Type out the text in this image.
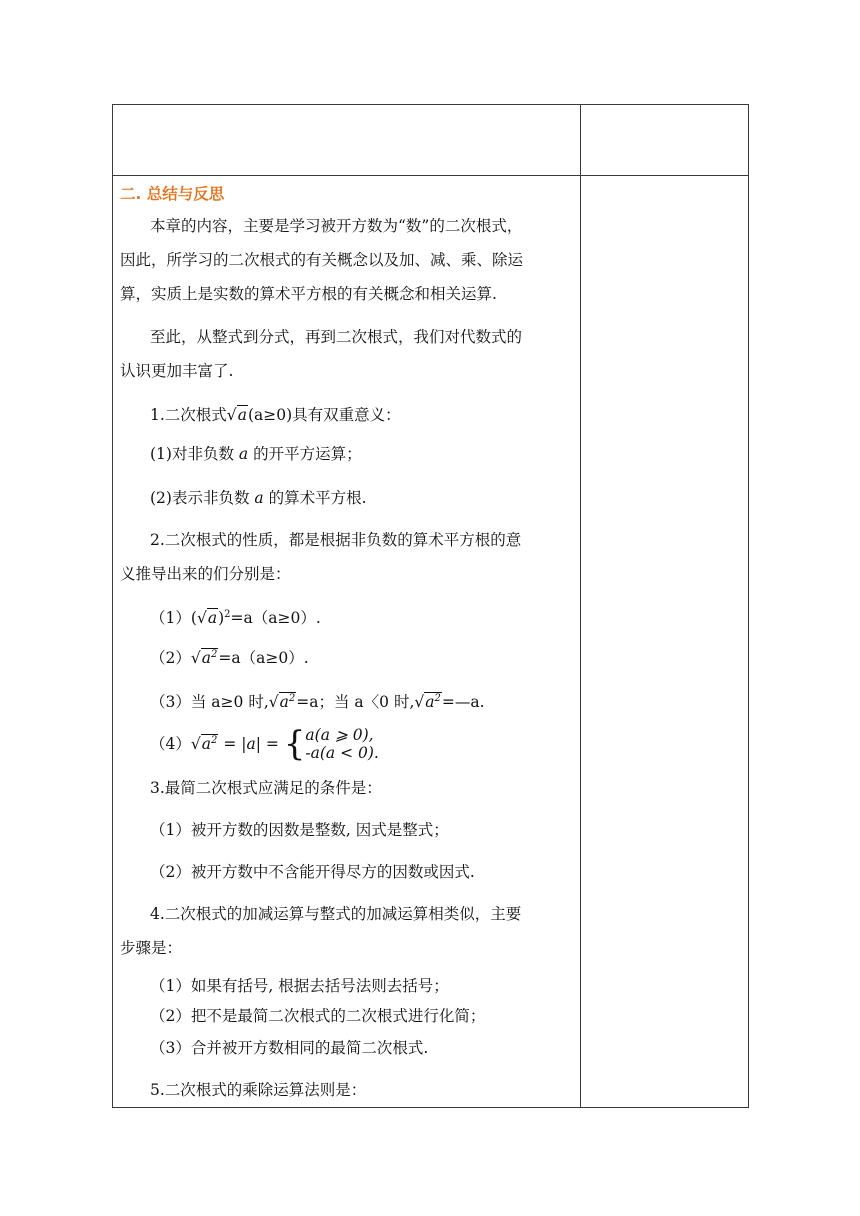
二. 总结与反思
本章的内容，主要是学习被开方数为“数”的二次根式，
因此，所学习的二次根式的有关概念以及加、减、乘、除运
算，实质上是实数的算术平方根的有关概念和相关运算.
至此，从整式到分式，再到二次根式，我们对代数式的
认识更加丰富了.
1.二次根式√a(a≥0)具有双重意义：
(1)对非负数 a 的开平方运算；
(2)表示非负数 a 的算术平方根.
2.二次根式的性质，都是根据非负数的算术平方根的意
义推导出来的们分别是：
$(1)(√a)^2=a(a\ge 0)$.
$(2)√a^2=a(a\ge 0)$.
（3）当 a≥0 时$,√a^2=a$；当 a〈0 时$,√a^2=—a$.
$(4)√a^2 = |a| = \{a(a$ ⩾ 0),
-a(a < 0).
3.最简二次根式应满足的条件是：
（1）被开方数的因数是整数, 因式是整式；
（2）被开方数中不含能开得尽方的因数或因式.
4.二次根式的加减运算与整式的加减运算相类似，主要
步骤是：
（1）如果有括号, 根据去括号法则去括号；
（2）把不是最简二次根式的二次根式进行化简；
（3）合并被开方数相同的最简二次根式.
5.二次根式的乘除运算法则是：
